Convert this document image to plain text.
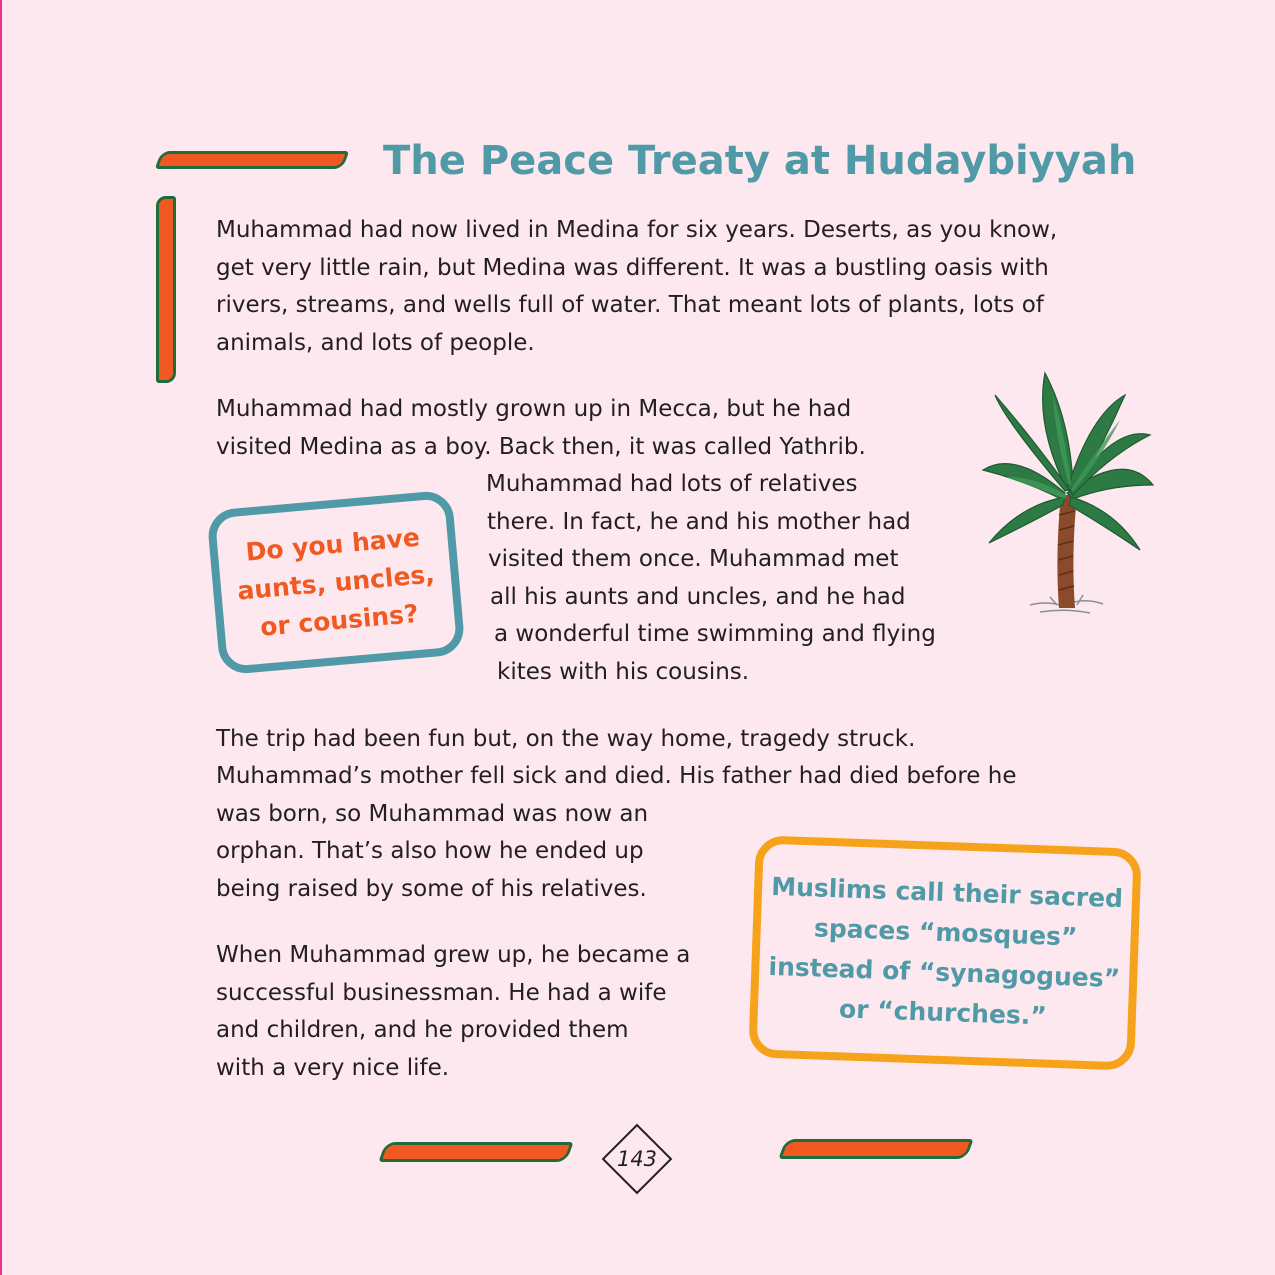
The Peace Treaty at Hudaybiyyah
Muhammad had now lived in Medina for six years. Deserts, as you know,
get very little rain, but Medina was different. It was a bustling oasis with
rivers, streams, and wells full of water. That meant lots of plants, lots of
animals, and lots of people.
Muhammad had mostly grown up in Mecca, but he had
visited Medina as a boy. Back then, it was called Yathrib.
Muhammad had lots of relatives
there. In fact, he and his mother had
visited them once. Muhammad met
all his aunts and uncles, and he had
a wonderful time swimming and flying
kites with his cousins.
The trip had been fun but, on the way home, tragedy struck.
Muhammad’s mother fell sick and died. His father had died before he
was born, so Muhammad was now an
orphan. That’s also how he ended up
being raised by some of his relatives.
When Muhammad grew up, he became a
successful businessman. He had a wife
and children, and he provided them
with a very nice life.
Do you have
aunts, uncles,
or cousins?
Muslims call their sacred
spaces “mosques”
instead of “synagogues”
or “churches.”
143
